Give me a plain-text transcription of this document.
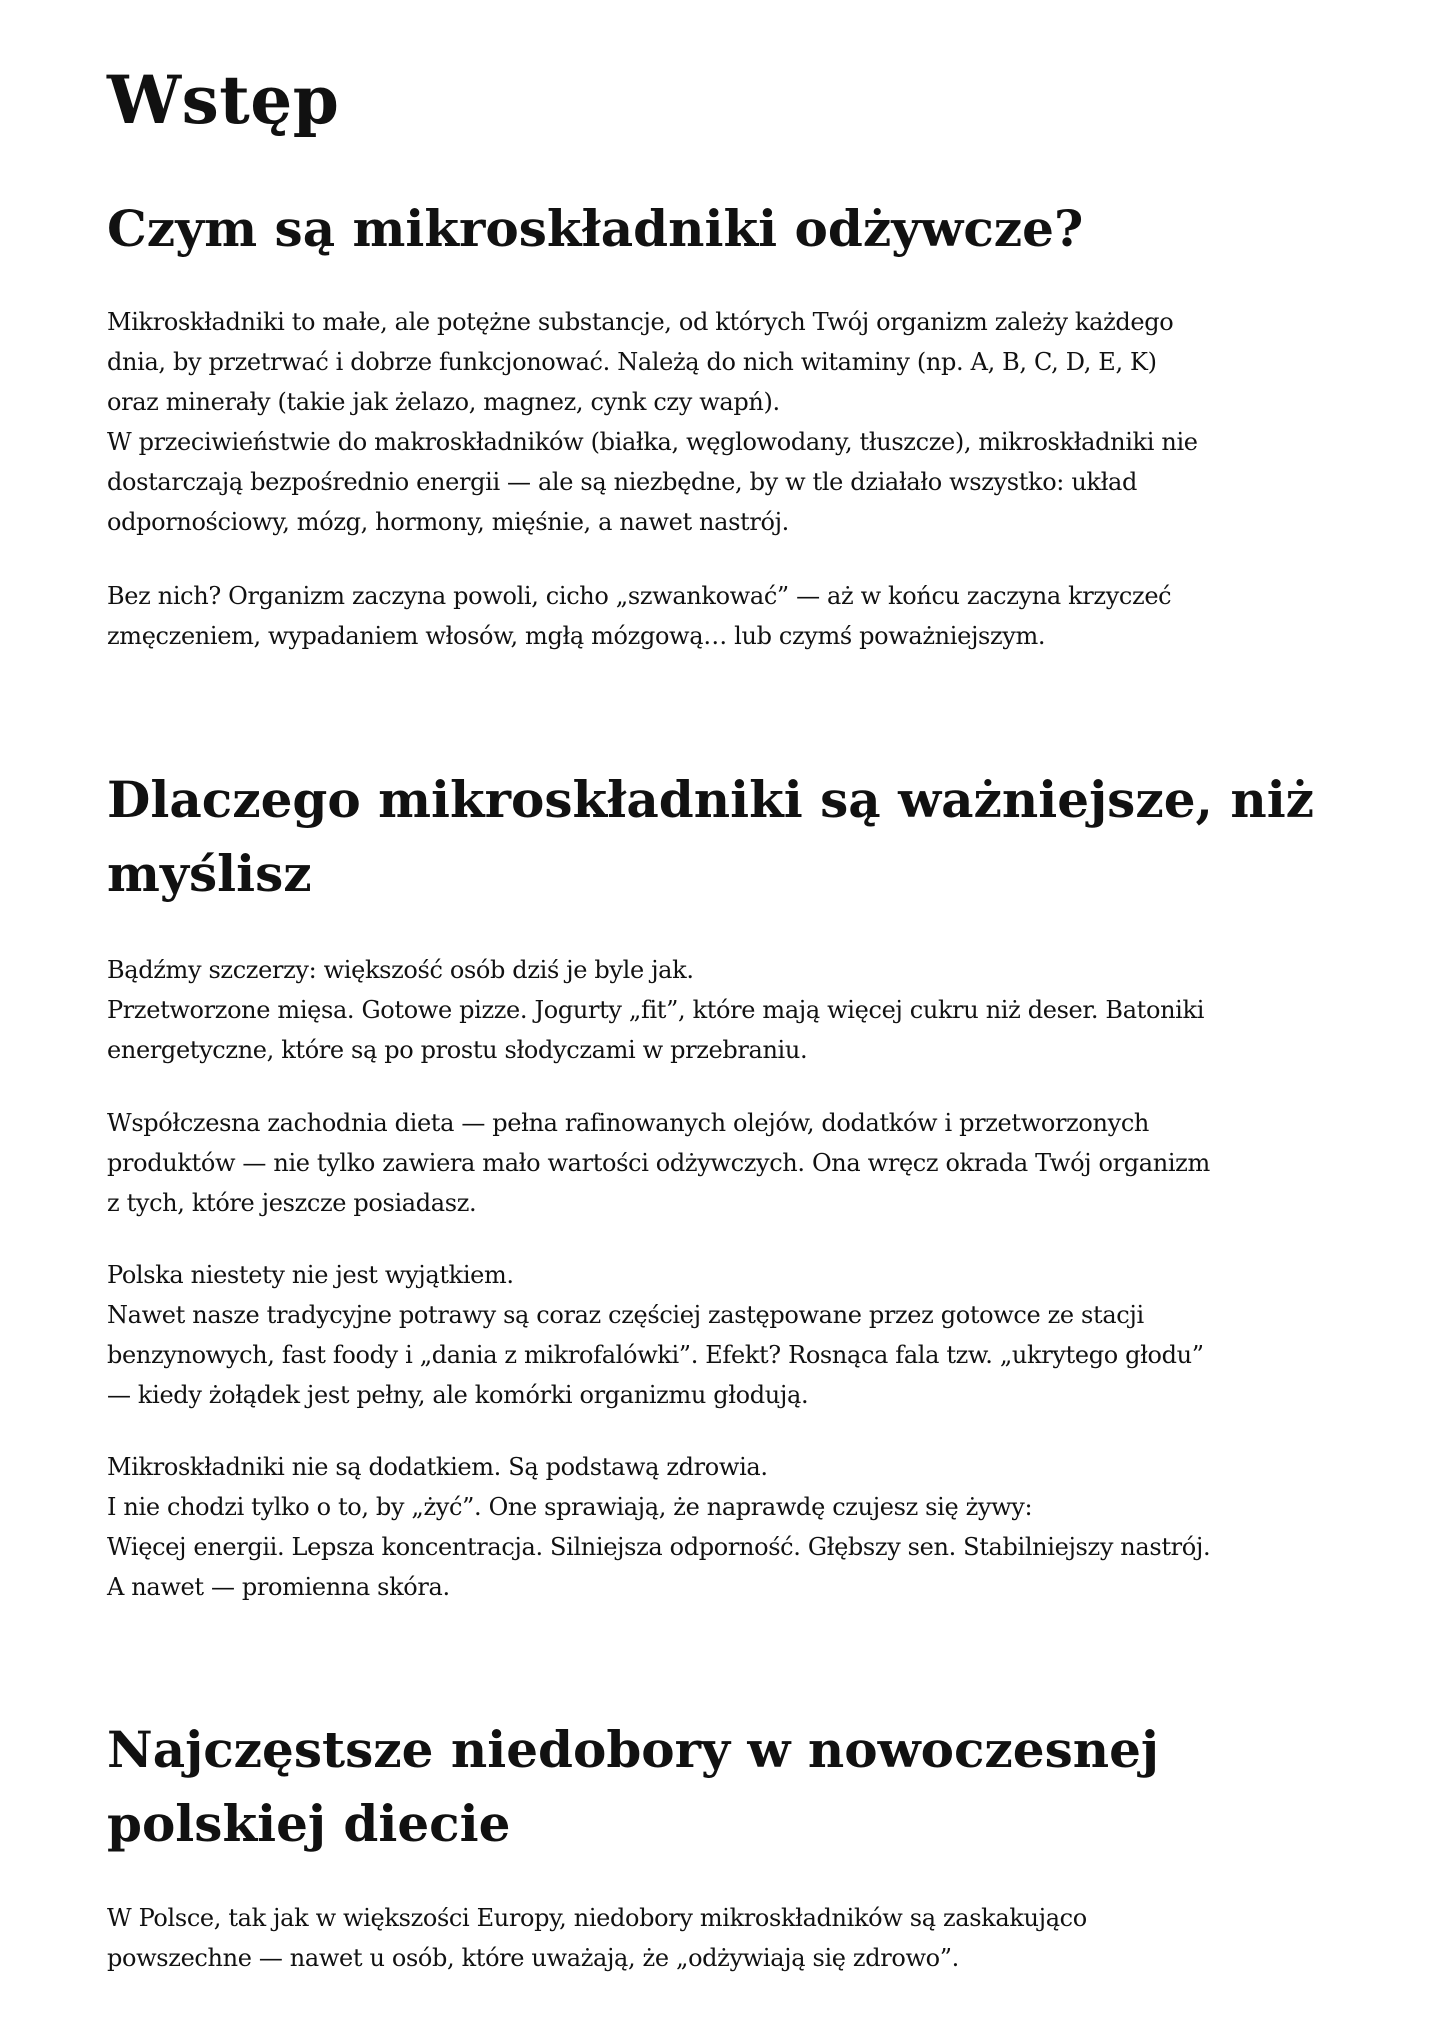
Wstęp
Czym są mikroskładniki odżywcze?

Mikroskładniki to małe, ale potężne substancje, od których Twój organizm zależy każdego
dnia, by przetrwać i dobrze funkcjonować. Należą do nich witaminy (np. A, B, C, D, E, K)
oraz minerały (takie jak żelazo, magnez, cynk czy wapń).
W przeciwieństwie do makroskładników (białka, węglowodany, tłuszcze), mikroskładniki nie
dostarczają bezpośrednio energii — ale są niezbędne, by w tle działało wszystko: układ
odpornościowy, mózg, hormony, mięśnie, a nawet nastrój.

Bez nich? Organizm zaczyna powoli, cicho „szwankować” — aż w końcu zaczyna krzyczeć
zmęczeniem, wypadaniem włosów, mgłą mózgową… lub czymś poważniejszym.

Dlaczego mikroskładniki są ważniejsze, niż
myślisz

Bądźmy szczerzy: większość osób dziś je byle jak.
Przetworzone mięsa. Gotowe pizze. Jogurty „fit”, które mają więcej cukru niż deser. Batoniki
energetyczne, które są po prostu słodyczami w przebraniu.

Współczesna zachodnia dieta — pełna rafinowanych olejów, dodatków i przetworzonych
produktów — nie tylko zawiera mało wartości odżywczych. Ona wręcz okrada Twój organizm
z tych, które jeszcze posiadasz.

Polska niestety nie jest wyjątkiem.
Nawet nasze tradycyjne potrawy są coraz częściej zastępowane przez gotowce ze stacji
benzynowych, fast foody i „dania z mikrofalówki”. Efekt? Rosnąca fala tzw. „ukrytego głodu”
— kiedy żołądek jest pełny, ale komórki organizmu głodują.

Mikroskładniki nie są dodatkiem. Są podstawą zdrowia.
I nie chodzi tylko o to, by „żyć”. One sprawiają, że naprawdę czujesz się żywy:
Więcej energii. Lepsza koncentracja. Silniejsza odporność. Głębszy sen. Stabilniejszy nastrój.
A nawet — promienna skóra.

Najczęstsze niedobory w nowoczesnej
polskiej diecie

W Polsce, tak jak w większości Europy, niedobory mikroskładników są zaskakująco
powszechne — nawet u osób, które uważają, że „odżywiają się zdrowo”.
